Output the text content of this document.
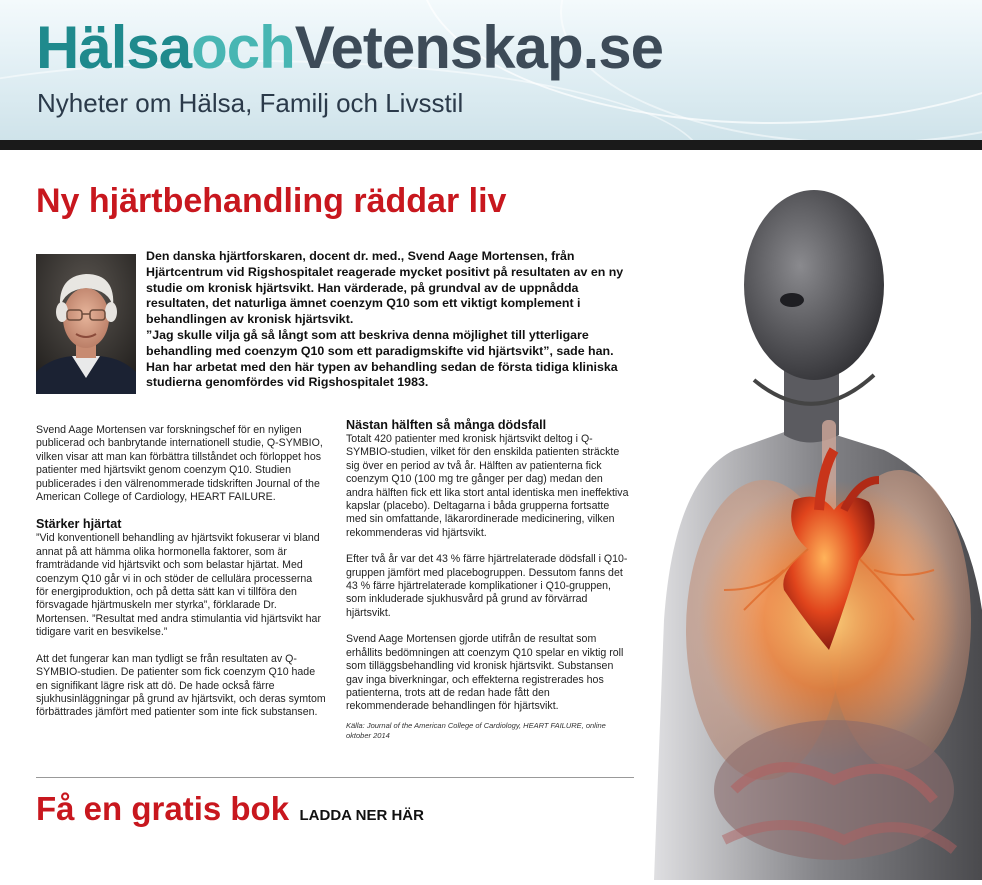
HälsaochVetenskap.se
Nyheter om Hälsa, Familj och Livsstil
Ny hjärtbehandling räddar liv

Den danska hjärtforskaren, docent dr. med., Svend Aage Mortensen, från Hjärtcentrum vid Rigshospitalet reagerade mycket positivt på resultaten av en ny studie om kronisk hjärtsvikt. Han värderade, på grundval av de uppnådda resultaten, det naturliga ämnet coenzym Q10 som ett viktigt komplement i behandlingen av kronisk hjärtsvikt.

”Jag skulle vilja gå så långt som att beskriva denna möjlighet till ytterligare behandling med coenzym Q10 som ett paradigmskifte vid hjärtsvikt”, sade han. Han har arbetat med den här typen av behandling sedan de första tidiga kliniska studierna genomfördes vid Rigshospitalet 1983.

Svend Aage Mortensen var forskningschef för en nyligen publicerad och banbrytande internationell studie, Q-SYMBIO, vilken visar att man kan förbättra tillståndet och förloppet hos patienter med hjärtsvikt genom coenzym Q10. Studien publicerades i den välrenommerade tidskriften Journal of the American College of Cardiology, HEART FAILURE.

Stärker hjärtat

”Vid konventionell behandling av hjärtsvikt fokuserar vi bland annat på att hämma olika hormonella faktorer, som är framträdande vid hjärtsvikt och som belastar hjärtat. Med coenzym Q10 går vi in och stöder de cellulära processerna för energiproduktion, och på detta sätt kan vi tillföra den försvagade hjärtmuskeln mer styrka”, förklarade Dr. Mortensen. ”Resultat med andra stimulantia vid hjärtsvikt har tidigare varit en besvikelse.”

Att det fungerar kan man tydligt se från resultaten av Q-SYMBIO-studien. De patienter som fick coenzym Q10 hade en signifikant lägre risk att dö. De hade också färre sjukhusinläggningar på grund av hjärtsvikt, och deras symtom förbättrades jämfört med patienter som inte fick substansen.

Nästan hälften så många dödsfall

Totalt 420 patienter med kronisk hjärtsvikt deltog i Q-SYMBIO-studien, vilket för den enskilda patienten sträckte sig över en period av två år. Hälften av patienterna fick coenzym Q10 (100 mg tre gånger per dag) medan den andra hälften fick ett lika stort antal identiska men ineffektiva kapslar (placebo). Deltagarna i båda grupperna fortsatte med sin omfattande, läkarordinerade medicinering, vilken rekommenderas vid hjärtsvikt.

Efter två år var det 43 % färre hjärtrelaterade dödsfall i Q10-gruppen jämfört med placebogruppen. Dessutom fanns det 43 % färre hjärtrelaterade komplikationer i Q10-gruppen, som inkluderade sjukhusvård på grund av förvärrad hjärtsvikt.

Svend Aage Mortensen gjorde utifrån de resultat som erhållits bedömningen att coenzym Q10 spelar en viktig roll som tilläggsbehandling vid kronisk hjärtsvikt. Substansen gav inga biverkningar, och effekterna registrerades hos patienterna, trots att de redan hade fått den rekommenderade behandlingen för hjärtsvikt.

Källa: Journal of the American College of Cardiology, HEART FAILURE, online oktober 2014
Få en gratis bok LADDA NER HÄR
